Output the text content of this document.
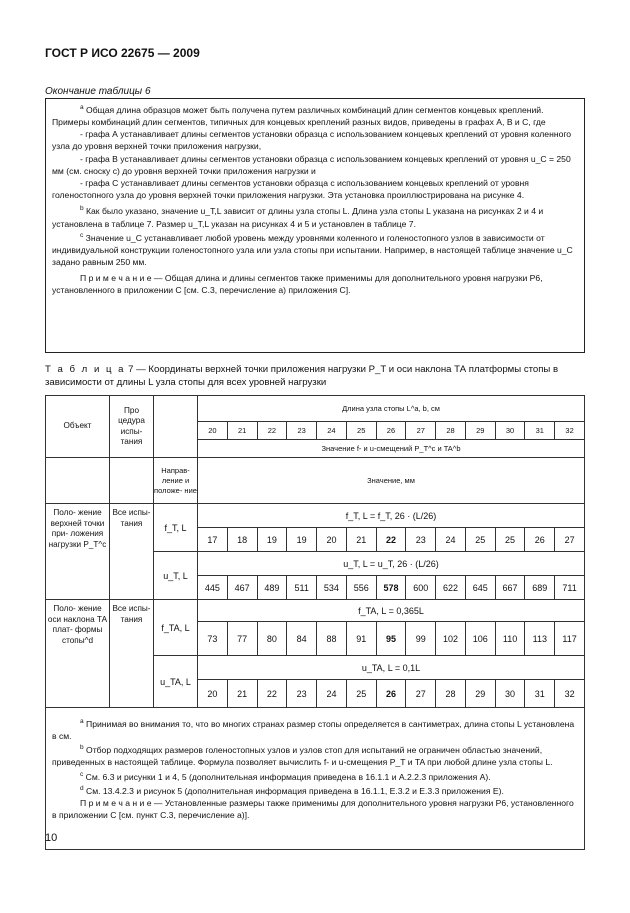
ГОСТ Р ИСО 22675 — 2009
Окончание таблицы 6

$^a$ Общая длина образцов может быть получена путем различных комбинаций длин сегментов концевых креплений. Примеры комбинаций длин сегментов, типичных для концевых креплений разных видов, приведены в графах А, В и С, где

- графа А устанавливает длины сегментов установки образца с использованием концевых креплений от уровня коленного узла до уровня верхней точки приложения нагрузки,

- графа В устанавливает длины сегментов установки образца с использованием концевых креплений от уровня u_C = 250 мм (см. сноску c) до уровня верхней точки приложения нагрузки и

- графа С устанавливает длины сегментов установки образца с использованием концевых креплений от уровня голеностопного узла до уровня верхней точки приложения нагрузки. Эта установка проиллюстрирована на рисунке 4.

$^b$ Как было указано, значение u_T,L зависит от длины узла стопы L. Длина узла стопы L указана на рисунках 2 и 4 и установлена в таблице 7. Размер u_T,L указан на рисунках 4 и 5 и установлен в таблице 7.

$^c$ Значение u_C устанавливает любой уровень между уровнями коленного и голеностопного узлов в зависимости от индивидуальной конструкции голеностопного узла или узла стопы при испытании. Например, в настоящей таблице значение u_C задано равным 250 мм.

П р и м е ч а н и е — Общая длина и длины сегментов также применимы для дополнительного уровня нагрузки Р6, установленного в приложении С [см. С.3, перечисление а) приложения С].

Т а б л и ц а 7 — Координаты верхней точки приложения нагрузки P_T и оси наклона ТА платформы стопы в зависимости от длины L узла стопы для всех уровней нагрузки
Объект	Про цедура испы- тания		Длина узла стопы L^a, b, см												
			20	21	22	23	24	25	26	27	28	29	30	31	32
			Значение f- и u-смещений P_T^c и TA^b												
		Направ- ление и положе- ние	Значение, мм												
Поло- жение верхней точки при- ложения нагрузки P_T^c	Все испы- тания	f_T, L	f_T, L = f_T, 26 · (L/26)												
			17	18	19	19	20	21	22	23	24	25	25	26	27
		u_T, L	u_T, L = u_T, 26 · (L/26)												
			445	467	489	511	534	556	578	600	622	645	667	689	711
Поло- жение оси наклона ТА плат- формы стопы^d	Все испы- тания	f_TA, L	f_TA, L = 0,365L												
			73	77	80	84	88	91	95	99	102	106	110	113	117
		u_TA, L	u_TA, L = 0,1L												
			20	21	22	23	24	25	26	27	28	29	30	31	32

$^a$ Принимая во внимания то, что во многих странах размер стопы определяется в сантиметрах, длина стопы L установлена в см.

$^b$ Отбор подходящих размеров голеностопных узлов и узлов стоп для испытаний не ограничен областью значений, приведенных в настоящей таблице. Формула позволяет вычислить f- и u-смещения P_T и TA при любой длине узла стопы L.

$^c$ См. 6.3 и рисунки 1 и 4, 5 (дополнительная информация приведена в 16.1.1 и А.2.2.3 приложения А).

$^d$ См. 13.4.2.3 и рисунок 5 (дополнительная информация приведена в 16.1.1, Е.3.2 и Е.3.3 приложения Е).

П р и м е ч а н и е — Установленные размеры также применимы для дополнительного уровня нагрузки Р6, установленного в приложении С [см. пункт С.3, перечисление а)].															

10
